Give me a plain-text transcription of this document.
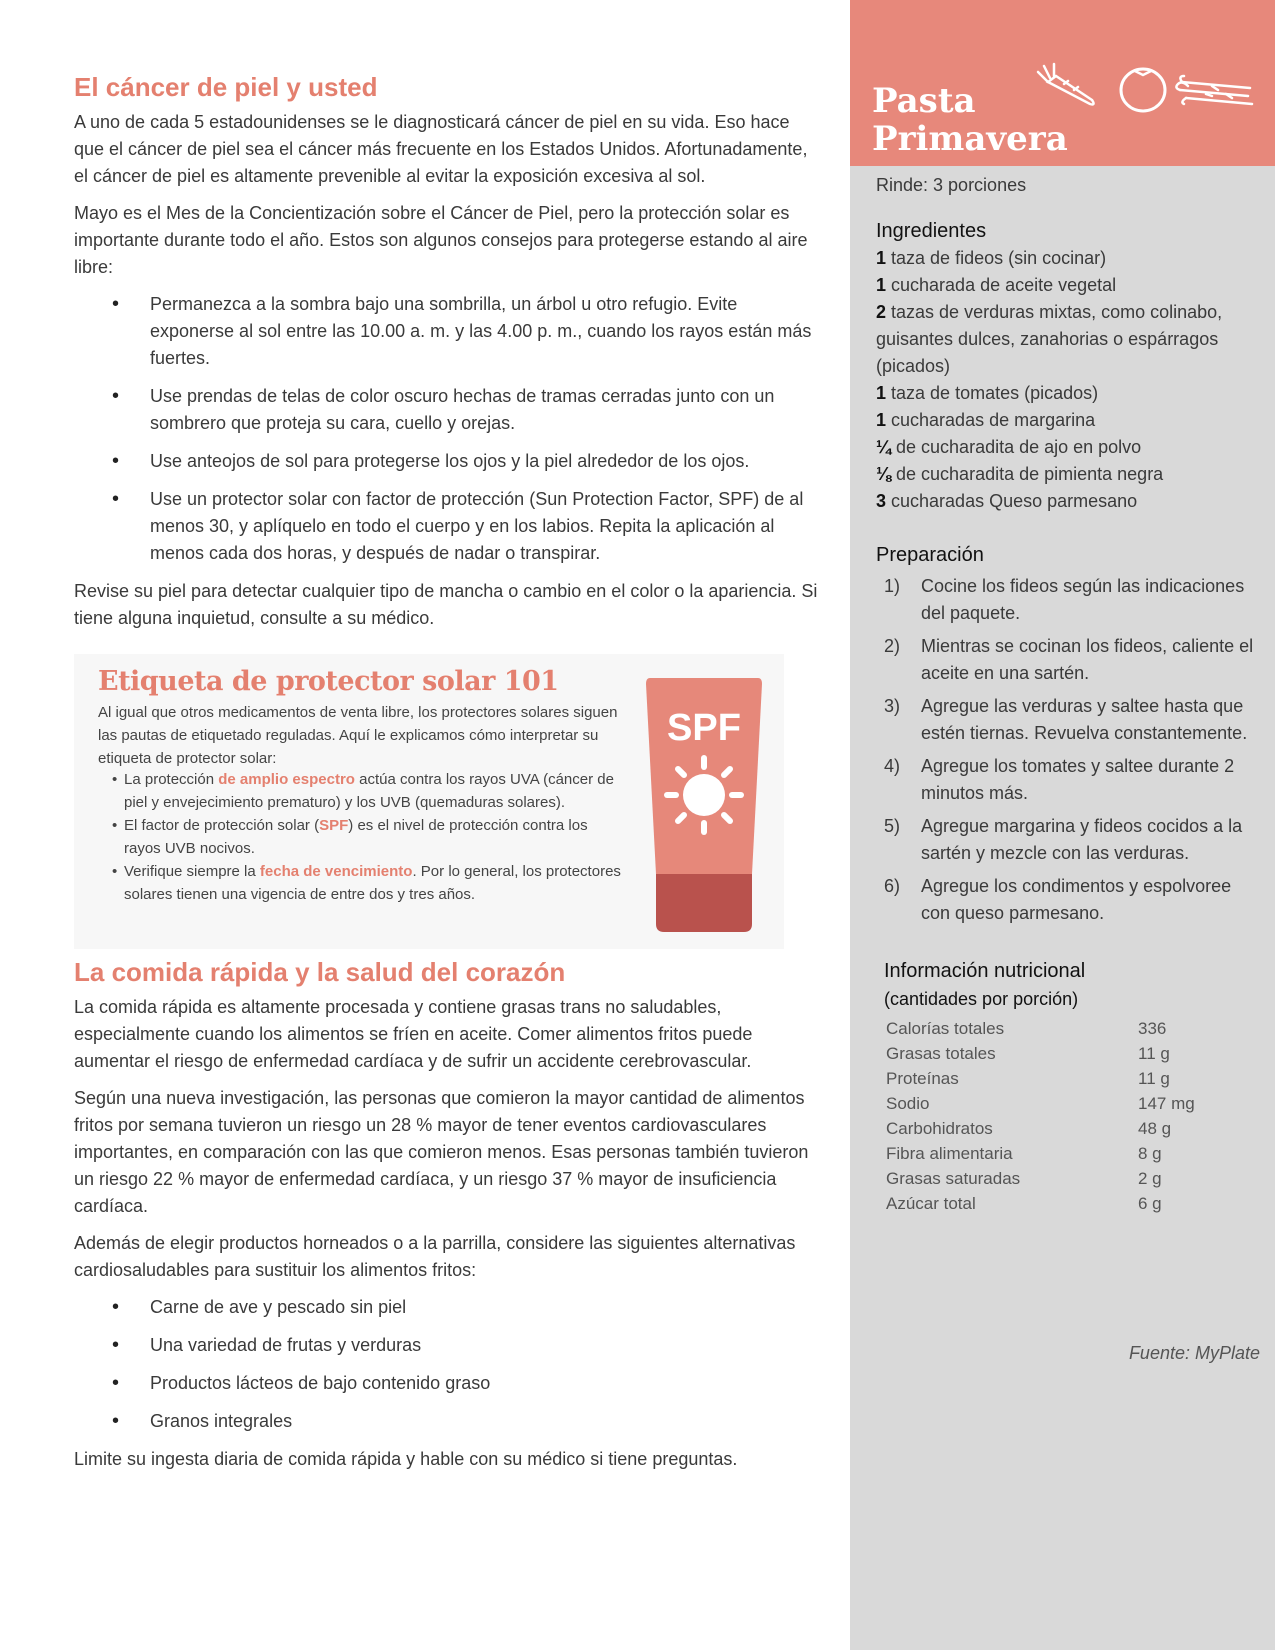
El cáncer de piel y usted

A uno de cada 5 estadounidenses se le diagnosticará cáncer de piel en su vida. Eso hace que el cáncer de piel sea el cáncer más frecuente en los Estados Unidos. Afortunadamente, el cáncer de piel es altamente prevenible al evitar la exposición excesiva al sol.

Mayo es el Mes de la Concientización sobre el Cáncer de Piel, pero la protección solar es importante durante todo el año. Estos son algunos consejos para protegerse estando al aire libre:

• Permanezca a la sombra bajo una sombrilla, un árbol u otro refugio. Evite exponerse al sol entre las 10.00 a. m. y las 4.00 p. m., cuando los rayos están más fuertes.
• Use prendas de telas de color oscuro hechas de tramas cerradas junto con un sombrero que proteja su cara, cuello y orejas.
• Use anteojos de sol para protegerse los ojos y la piel alrededor de los ojos.
• Use un protector solar con factor de protección (Sun Protection Factor, SPF) de al menos 30, y aplíquelo en todo el cuerpo y en los labios. Repita la aplicación al menos cada dos horas, y después de nadar o transpirar.

Revise su piel para detectar cualquier tipo de mancha o cambio en el color o la apariencia. Si tiene alguna inquietud, consulte a su médico.

Etiqueta de protector solar 101

Al igual que otros medicamentos de venta libre, los protectores solares siguen las pautas de etiquetado reguladas. Aquí le explicamos cómo interpretar su etiqueta de protector solar:

• La protección de amplio espectro actúa contra los rayos UVA (cáncer de piel y envejecimiento prematuro) y los UVB (quemaduras solares).
• El factor de protección solar (SPF) es el nivel de protección contra los rayos UVB nocivos.
• Verifique siempre la fecha de vencimiento. Por lo general, los protectores solares tienen una vigencia de entre dos y tres años.
SPF
La comida rápida y la salud del corazón

La comida rápida es altamente procesada y contiene grasas trans no saludables, especialmente cuando los alimentos se fríen en aceite. Comer alimentos fritos puede aumentar el riesgo de enfermedad cardíaca y de sufrir un accidente cerebrovascular.

Según una nueva investigación, las personas que comieron la mayor cantidad de alimentos fritos por semana tuvieron un riesgo un 28 % mayor de tener eventos cardiovasculares importantes, en comparación con las que comieron menos. Esas personas también tuvieron un riesgo 22 % mayor de enfermedad cardíaca, y un riesgo 37 % mayor de insuficiencia cardíaca.

Además de elegir productos horneados o a la parrilla, considere las siguientes alternativas cardiosaludables para sustituir los alimentos fritos:

• Carne de ave y pescado sin piel
• Una variedad de frutas y verduras
• Productos lácteos de bajo contenido graso
• Granos integrales

Limite su ingesta diaria de comida rápida y hable con su médico si tiene preguntas.

Pasta Primavera

Rinde: 3 porciones

Ingredientes

1 taza de fideos (sin cocinar)

1 cucharada de aceite vegetal

2 tazas de verduras mixtas, como colinabo, guisantes dulces, zanahorias o espárragos (picados)

1 taza de tomates (picados)

1 cucharadas de margarina

¼ de cucharadita de ajo en polvo

⅛ de cucharadita de pimienta negra

3 cucharadas Queso parmesano

Preparación

1) Cocine los fideos según las indicaciones del paquete.
2) Mientras se cocinan los fideos, caliente el aceite en una sartén.
3) Agregue las verduras y saltee hasta que estén tiernas. Revuelva constantemente.
4) Agregue los tomates y saltee durante 2 minutos más.
5) Agregue margarina y fideos cocidos a la sartén y mezcle con las verduras.
6) Agregue los condimentos y espolvoree con queso parmesano.

Información nutricional

(cantidades por porción)

Calorías totales	336
Grasas totales	11 g
Proteínas	11 g
Sodio	147 mg
Carbohidratos	48 g
Fibra alimentaria	8 g
Grasas saturadas	2 g
Azúcar total	6 g

Fuente: MyPlate
